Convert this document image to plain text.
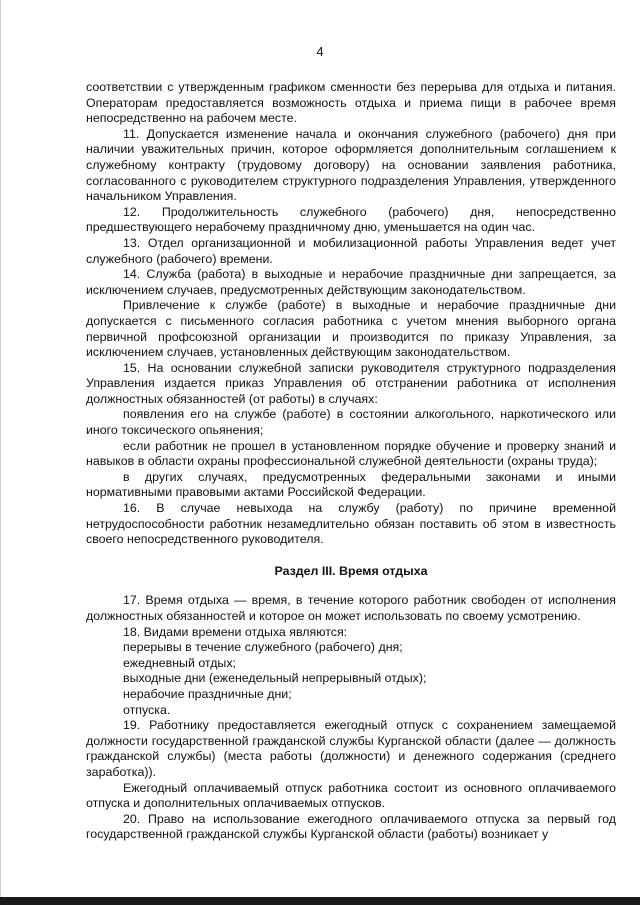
4

соответствии с утвержденным графиком сменности без перерыва для отдыха и питания. Операторам предоставляется возможность отдыха и приема пищи в рабочее время непосредственно на рабочем месте.

11. Допускается изменение начала и окончания служебного (рабочего) дня при наличии уважительных причин, которое оформляется дополнительным соглашением к служебному контракту (трудовому договору) на основании заявления работника, согласованного с руководителем структурного подразделения Управления, утвержденного начальником Управления.

12. Продолжительность служебного (рабочего) дня, непосредственно предшествующего нерабочему праздничному дню, уменьшается на один час.

13. Отдел организационной и мобилизационной работы Управления ведет учет служебного (рабочего) времени.

14. Служба (работа) в выходные и нерабочие праздничные дни запрещается, за исключением случаев, предусмотренных действующим законодательством.

Привлечение к службе (работе) в выходные и нерабочие праздничные дни допускается с письменного согласия работника с учетом мнения выборного органа первичной профсоюзной организации и производится по приказу Управления, за исключением случаев, установленных действующим законодательством.

15. На основании служебной записки руководителя структурного подразделения Управления издается приказ Управления об отстранении работника от исполнения должностных обязанностей (от работы) в случаях:

появления его на службе (работе) в состоянии алкогольного, наркотического или иного токсического опьянения;

если работник не прошел в установленном порядке обучение и проверку знаний и навыков в области охраны профессиональной служебной деятельности (охраны труда);

в других случаях, предусмотренных федеральными законами и иными нормативными правовыми актами Российской Федерации.

16. В случае невыхода на службу (работу) по причине временной нетрудоспособности работник незамедлительно обязан поставить об этом в известность своего непосредственного руководителя.

Раздел III. Время отдыха

17. Время отдыха — время, в течение которого работник свободен от исполнения должностных обязанностей и которое он может использовать по своему усмотрению.

18. Видами времени отдыха являются:

перерывы в течение служебного (рабочего) дня;

ежедневный отдых;

выходные дни (еженедельный непрерывный отдых);

нерабочие праздничные дни;

отпуска.

19. Работнику предоставляется ежегодный отпуск с сохранением замещаемой должности государственной гражданской службы Курганской области (далее — должность гражданской службы) (места работы (должности) и денежного содержания (среднего заработка)).

Ежегодный оплачиваемый отпуск работника состоит из основного оплачиваемого отпуска и дополнительных оплачиваемых отпусков.

20. Право на использование ежегодного оплачиваемого отпуска за первый год государственной гражданской службы Курганской области (работы) возникает у
